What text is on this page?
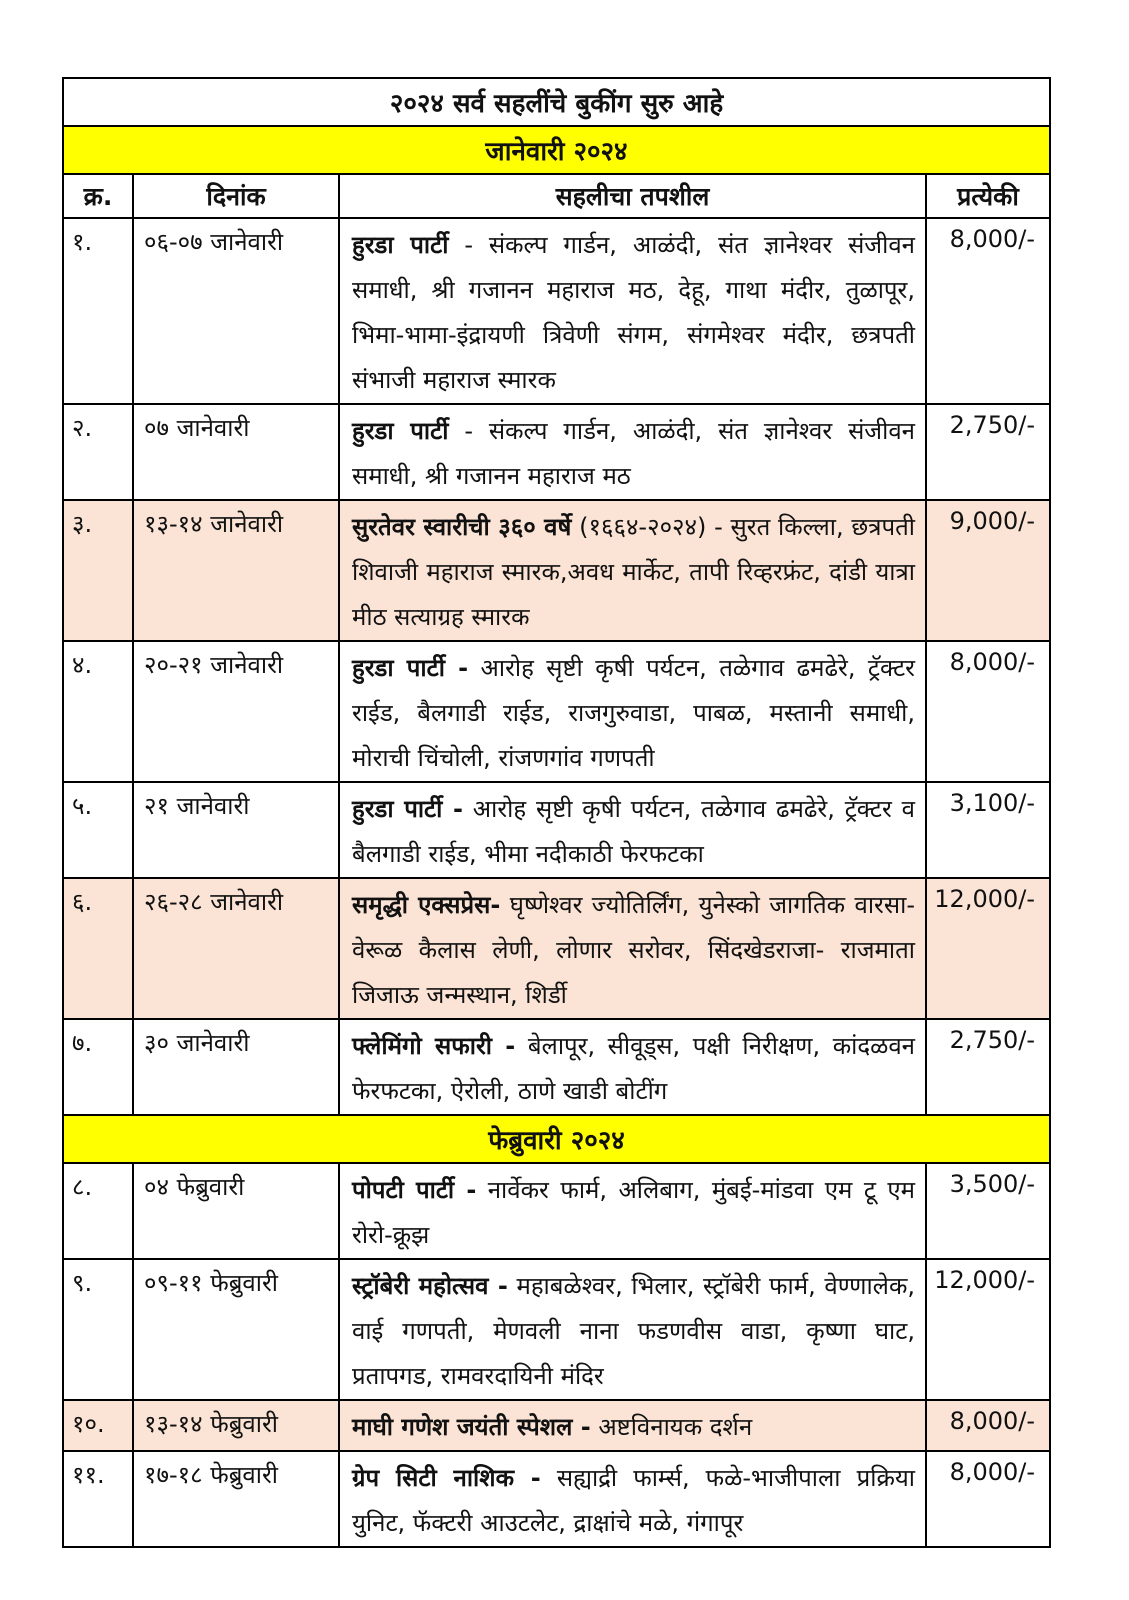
२०२४ सर्व सहलींचे बुकींग सुरु आहे			
जानेवारी २०२४			
क्र.	दिनांक	सहलीचा तपशील	प्रत्येकी
१.	०६-०७ जानेवारी	हुरडा पार्टी - संकल्प गार्डन, आळंदी, संत ज्ञानेश्वर संजीवन समाधी, श्री गजानन महाराज मठ, देहू, गाथा मंदीर, तुळापूर, भिमा-भामा-इंद्रायणी त्रिवेणी संगम, संगमेश्वर मंदीर, छत्रपती संभाजी महाराज स्मारक	8,000/-
२.	०७ जानेवारी	हुरडा पार्टी - संकल्प गार्डन, आळंदी, संत ज्ञानेश्वर संजीवन समाधी, श्री गजानन महाराज मठ	2,750/-
३.	१३-१४ जानेवारी	सुरतेवर स्वारीची ३६० वर्षे (१६६४-२०२४) - सुरत किल्ला, छत्रपती शिवाजी महाराज स्मारक,अवध मार्केट, तापी रिव्हरफ्रंट, दांडी यात्रा मीठ सत्याग्रह स्मारक	9,000/-
४.	२०-२१ जानेवारी	हुरडा पार्टी - आरोह सृष्टी कृषी पर्यटन, तळेगाव ढमढेरे, ट्रॅक्टर राईड, बैलगाडी राईड, राजगुरुवाडा, पाबळ, मस्तानी समाधी, मोराची चिंचोली, रांजणगांव गणपती	8,000/-
५.	२१ जानेवारी	हुरडा पार्टी - आरोह सृष्टी कृषी पर्यटन, तळेगाव ढमढेरे, ट्रॅक्टर व बैलगाडी राईड, भीमा नदीकाठी फेरफटका	3,100/-
६.	२६-२८ जानेवारी	समृद्धी एक्सप्रेस- घृष्णेश्वर ज्योतिर्लिंग, युनेस्को जागतिक वारसा- वेरूळ कैलास लेणी, लोणार सरोवर, सिंदखेडराजा- राजमाता जिजाऊ जन्मस्थान, शिर्डी	12,000/-
७.	३० जानेवारी	फ्लेमिंगो सफारी - बेलापूर, सीवूड्स, पक्षी निरीक्षण, कांदळवन फेरफटका, ऐरोली, ठाणे खाडी बोटींग	2,750/-
फेब्रुवारी २०२४			
८.	०४ फेब्रुवारी	पोपटी पार्टी - नार्वेकर फार्म, अलिबाग, मुंबई-मांडवा एम टू एम रोरो-क्रूझ	3,500/-
९.	०९-११ फेब्रुवारी	स्ट्रॉबेरी महोत्सव - महाबळेश्वर, भिलार, स्ट्रॉबेरी फार्म, वेण्णालेक, वाई गणपती, मेणवली नाना फडणवीस वाडा, कृष्णा घाट, प्रतापगड, रामवरदायिनी मंदिर	12,000/-
१०.	१३-१४ फेब्रुवारी	माघी गणेश जयंती स्पेशल - अष्टविनायक दर्शन	8,000/-
११.	१७-१८ फेब्रुवारी	ग्रेप सिटी नाशिक - सह्याद्री फार्म्स, फळे-भाजीपाला प्रक्रिया युनिट, फॅक्टरी आउटलेट, द्राक्षांचे मळे, गंगापूर	8,000/-
